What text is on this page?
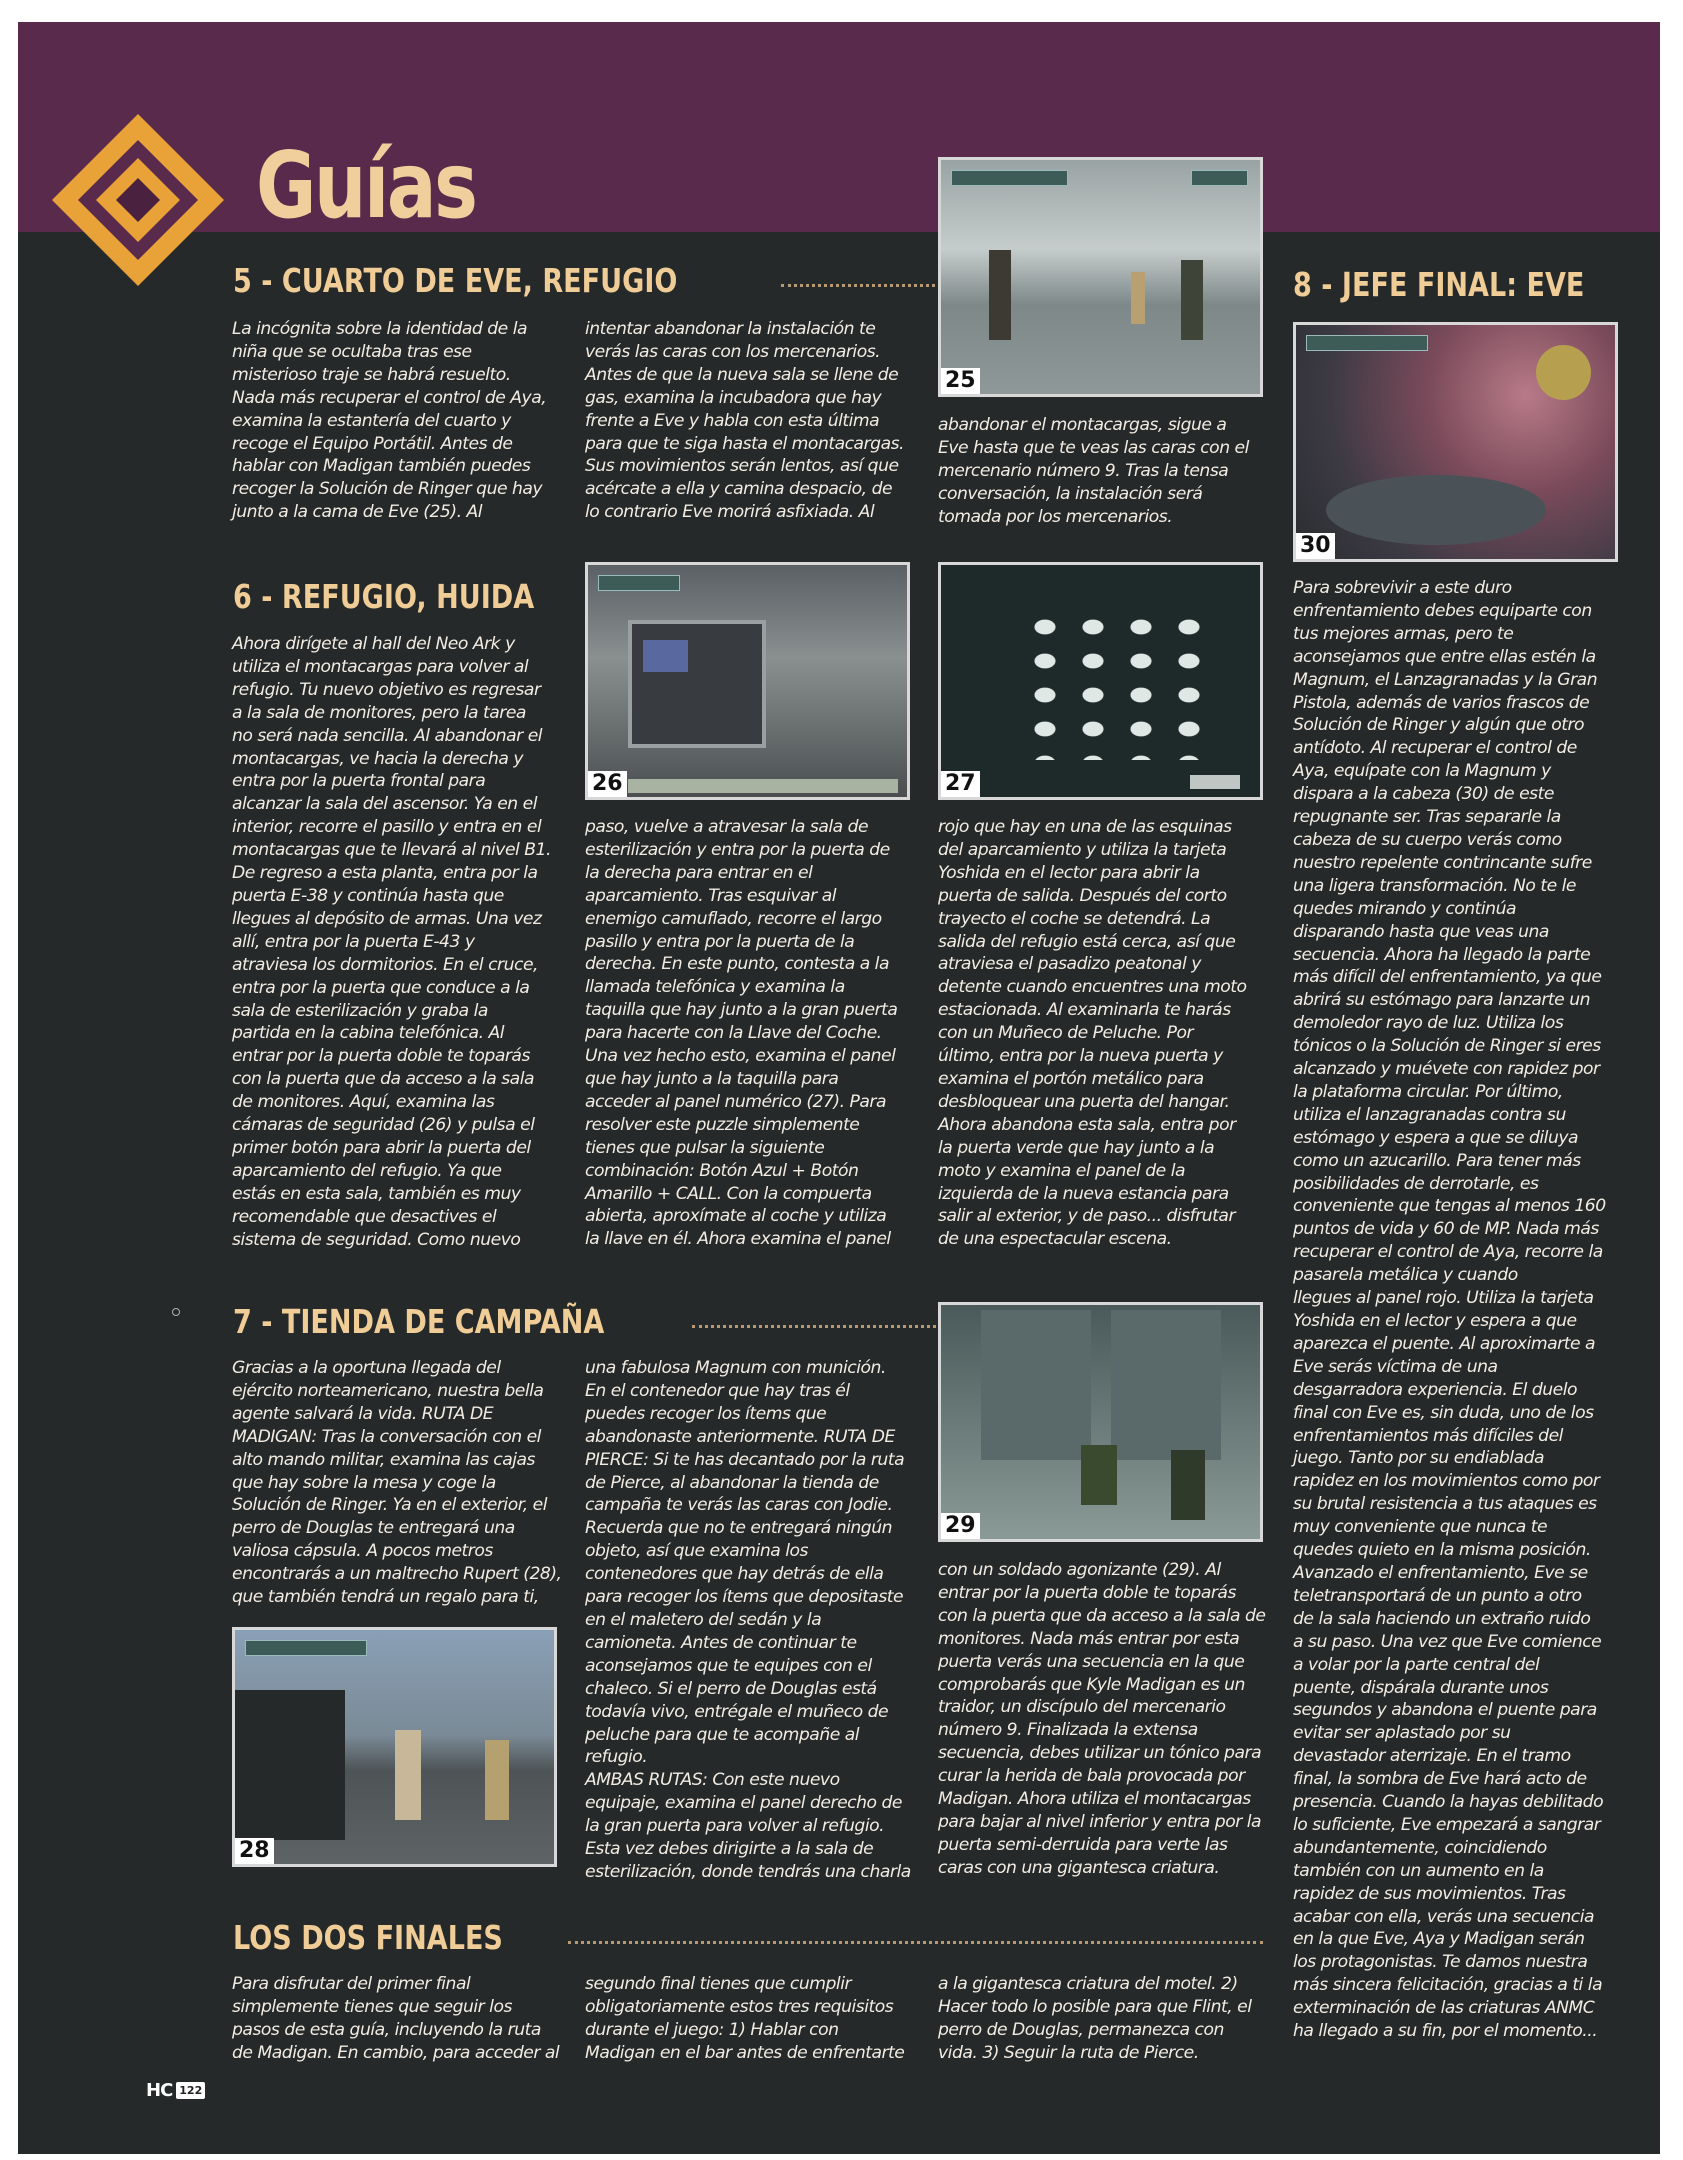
Guías
5 - CUARTO DE EVE, REFUGIO

La incógnita sobre la identidad de la
niña que se ocultaba tras ese
misterioso traje se habrá resuelto.
Nada más recuperar el control de Aya,
examina la estantería del cuarto y
recoge el Equipo Portátil. Antes de
hablar con Madigan también puedes
recoger la Solución de Ringer que hay
junto a la cama de Eve (25). Al

intentar abandonar la instalación te
verás las caras con los mercenarios.
Antes de que la nueva sala se llene de
gas, examina la incubadora que hay
frente a Eve y habla con esta última
para que te siga hasta el montacargas.
Sus movimientos serán lentos, así que
acércate a ella y camina despacio, de
lo contrario Eve morirá asfixiada. Al

abandonar el montacargas, sigue a
Eve hasta que te veas las caras con el
mercenario número 9. Tras la tensa
conversación, la instalación será
tomada por los mercenarios.

25
8 - JEFE FINAL: EVE
30

Para sobrevivir a este duro
enfrentamiento debes equiparte con
tus mejores armas, pero te
aconsejamos que entre ellas estén la
Magnum, el Lanzagranadas y la Gran
Pistola, además de varios frascos de
Solución de Ringer y algún que otro
antídoto. Al recuperar el control de
Aya, equípate con la Magnum y
dispara a la cabeza (30) de este
repugnante ser. Tras separarle la
cabeza de su cuerpo verás como
nuestro repelente contrincante sufre
una ligera transformación. No te le
quedes mirando y continúa
disparando hasta que veas una
secuencia. Ahora ha llegado la parte
más difícil del enfrentamiento, ya que
abrirá su estómago para lanzarte un
demoledor rayo de luz. Utiliza los
tónicos o la Solución de Ringer si eres
alcanzado y muévete con rapidez por
la plataforma circular. Por último,
utiliza el lanzagranadas contra su
estómago y espera a que se diluya
como un azucarillo. Para tener más
posibilidades de derrotarle, es
conveniente que tengas al menos 160
puntos de vida y 60 de MP. Nada más
recuperar el control de Aya, recorre la
pasarela metálica y cuando
llegues al panel rojo. Utiliza la tarjeta
Yoshida en el lector y espera a que
aparezca el puente. Al aproximarte a
Eve serás víctima de una
desgarradora experiencia. El duelo
final con Eve es, sin duda, uno de los
enfrentamientos más difíciles del
juego. Tanto por su endiablada
rapidez en los movimientos como por
su brutal resistencia a tus ataques es
muy conveniente que nunca te
quedes quieto en la misma posición.
Avanzado el enfrentamiento, Eve se
teletransportará de un punto a otro
de la sala haciendo un extraño ruido
a su paso. Una vez que Eve comience
a volar por la parte central del
puente, dispárala durante unos
segundos y abandona el puente para
evitar ser aplastado por su
devastador aterrizaje. En el tramo
final, la sombra de Eve hará acto de
presencia. Cuando la hayas debilitado
lo suficiente, Eve empezará a sangrar
abundantemente, coincidiendo
también con un aumento en la
rapidez de sus movimientos. Tras
acabar con ella, verás una secuencia
en la que Eve, Aya y Madigan serán
los protagonistas. Te damos nuestra
más sincera felicitación, gracias a ti la
exterminación de las criaturas ANMC
ha llegado a su fin, por el momento...

6 - REFUGIO, HUIDA

Ahora dirígete al hall del Neo Ark y
utiliza el montacargas para volver al
refugio. Tu nuevo objetivo es regresar
a la sala de monitores, pero la tarea
no será nada sencilla. Al abandonar el
montacargas, ve hacia la derecha y
entra por la puerta frontal para
alcanzar la sala del ascensor. Ya en el
interior, recorre el pasillo y entra en el
montacargas que te llevará al nivel B1.
De regreso a esta planta, entra por la
puerta E-38 y continúa hasta que
llegues al depósito de armas. Una vez
allí, entra por la puerta E-43 y
atraviesa los dormitorios. En el cruce,
entra por la puerta que conduce a la
sala de esterilización y graba la
partida en la cabina telefónica. Al
entrar por la puerta doble te toparás
con la puerta que da acceso a la sala
de monitores. Aquí, examina las
cámaras de seguridad (26) y pulsa el
primer botón para abrir la puerta del
aparcamiento del refugio. Ya que
estás en esta sala, también es muy
recomendable que desactives el
sistema de seguridad. Como nuevo

26	27

paso, vuelve a atravesar la sala de
esterilización y entra por la puerta de
la derecha para entrar en el
aparcamiento. Tras esquivar al
enemigo camuflado, recorre el largo
pasillo y entra por la puerta de la
derecha. En este punto, contesta a la
llamada telefónica y examina la
taquilla que hay junto a la gran puerta
para hacerte con la Llave del Coche.
Una vez hecho esto, examina el panel
que hay junto a la taquilla para
acceder al panel numérico (27). Para
resolver este puzzle simplemente
tienes que pulsar la siguiente
combinación: Botón Azul + Botón
Amarillo + CALL. Con la compuerta
abierta, aproxímate al coche y utiliza
la llave en él. Ahora examina el panel

rojo que hay en una de las esquinas
del aparcamiento y utiliza la tarjeta
Yoshida en el lector para abrir la
puerta de salida. Después del corto
trayecto el coche se detendrá. La
salida del refugio está cerca, así que
atraviesa el pasadizo peatonal y
detente cuando encuentres una moto
estacionada. Al examinarla te harás
con un Muñeco de Peluche. Por
último, entra por la nueva puerta y
examina el portón metálico para
desbloquear una puerta del hangar.
Ahora abandona esta sala, entra por
la puerta verde que hay junto a la
moto y examina el panel de la
izquierda de la nueva estancia para
salir al exterior, y de paso... disfrutar
de una espectacular escena.

7 - TIENDA DE CAMPAÑA

Gracias a la oportuna llegada del
ejército norteamericano, nuestra bella
agente salvará la vida. RUTA DE
MADIGAN: Tras la conversación con el
alto mando militar, examina las cajas
que hay sobre la mesa y coge la
Solución de Ringer. Ya en el exterior, el
perro de Douglas te entregará una
valiosa cápsula. A pocos metros
encontrarás a un maltrecho Rupert (28),
que también tendrá un regalo para ti,

una fabulosa Magnum con munición.
En el contenedor que hay tras él
puedes recoger los ítems que
abandonaste anteriormente. RUTA DE
PIERCE: Si te has decantado por la ruta
de Pierce, al abandonar la tienda de
campaña te verás las caras con Jodie.
Recuerda que no te entregará ningún
objeto, así que examina los
contenedores que hay detrás de ella
para recoger los ítems que depositaste
en el maletero del sedán y la
camioneta. Antes de continuar te
aconsejamos que te equipes con el
chaleco. Si el perro de Douglas está
todavía vivo, entrégale el muñeco de
peluche para que te acompañe al
refugio.
AMBAS RUTAS: Con este nuevo
equipaje, examina el panel derecho de
la gran puerta para volver al refugio.
Esta vez debes dirigirte a la sala de
esterilización, donde tendrás una charla

29

con un soldado agonizante (29). Al
entrar por la puerta doble te toparás
con la puerta que da acceso a la sala de
monitores. Nada más entrar por esta
puerta verás una secuencia en la que
comprobarás que Kyle Madigan es un
traidor, un discípulo del mercenario
número 9. Finalizada la extensa
secuencia, debes utilizar un tónico para
curar la herida de bala provocada por
Madigan. Ahora utiliza el montacargas
para bajar al nivel inferior y entra por la
puerta semi-derruida para verte las
caras con una gigantesca criatura.

28
LOS DOS FINALES

Para disfrutar del primer final
simplemente tienes que seguir los
pasos de esta guía, incluyendo la ruta
de Madigan. En cambio, para acceder al

segundo final tienes que cumplir
obligatoriamente estos tres requisitos
durante el juego: 1) Hablar con
Madigan en el bar antes de enfrentarte

a la gigantesca criatura del motel. 2)
Hacer todo lo posible para que Flint, el
perro de Douglas, permanezca con
vida. 3) Seguir la ruta de Pierce.

HC 122
